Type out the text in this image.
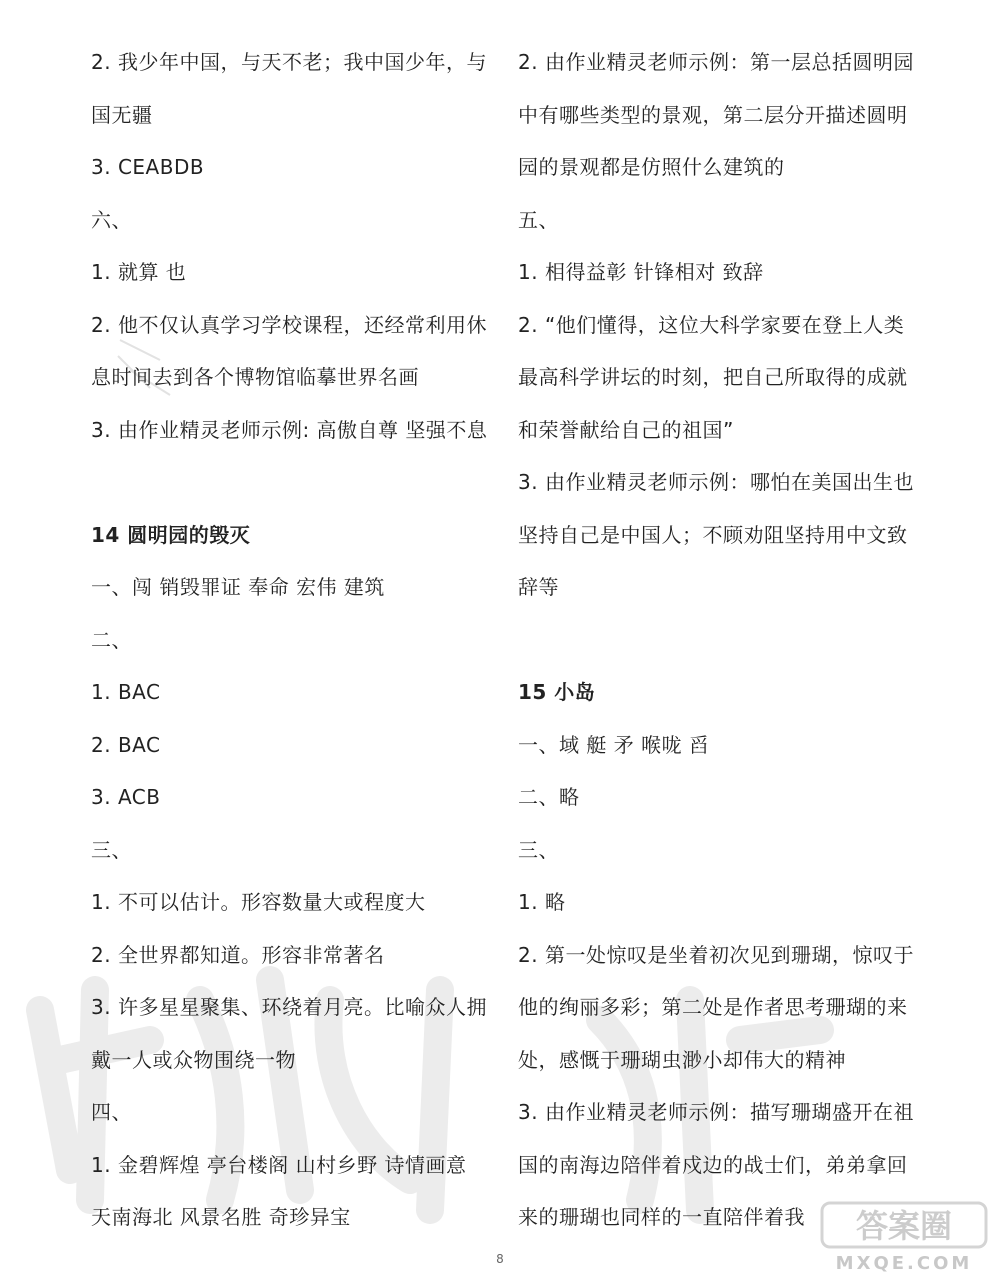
2. 我少年中国，与天不老；我中国少年，与
国无疆
3. CEABDB
六、
1. 就算 也
2. 他不仅认真学习学校课程，还经常利用休
息时间去到各个博物馆临摹世界名画
3. 由作业精灵老师示例: 高傲自尊 坚强不息
14 圆明园的毁灭
一、闯 销毁罪证 奉命 宏伟 建筑
二、
1. BAC
2. BAC
3. ACB
三、
1. 不可以估计。形容数量大或程度大
2. 全世界都知道。形容非常著名
3. 许多星星聚集、环绕着月亮。比喻众人拥
戴一人或众物围绕一物
四、
1. 金碧辉煌 亭台楼阁 山村乡野 诗情画意
天南海北 风景名胜 奇珍异宝
2. 由作业精灵老师示例：第一层总括圆明园
中有哪些类型的景观，第二层分开描述圆明
园的景观都是仿照什么建筑的
五、
1. 相得益彰 针锋相对 致辞
2. “他们懂得，这位大科学家要在登上人类
最高科学讲坛的时刻，把自己所取得的成就
和荣誉献给自己的祖国”
3. 由作业精灵老师示例：哪怕在美国出生也
坚持自己是中国人；不顾劝阻坚持用中文致
辞等
15 小岛
一、域 艇 矛 喉咙 舀
二、略
三、
1. 略
2. 第一处惊叹是坐着初次见到珊瑚，惊叹于
他的绚丽多彩；第二处是作者思考珊瑚的来
处，感慨于珊瑚虫渺小却伟大的精神
3. 由作业精灵老师示例：描写珊瑚盛开在祖
国的南海边陪伴着戍边的战士们，弟弟拿回
来的珊瑚也同样的一直陪伴着我
8
答案圈
MXQE.COM
